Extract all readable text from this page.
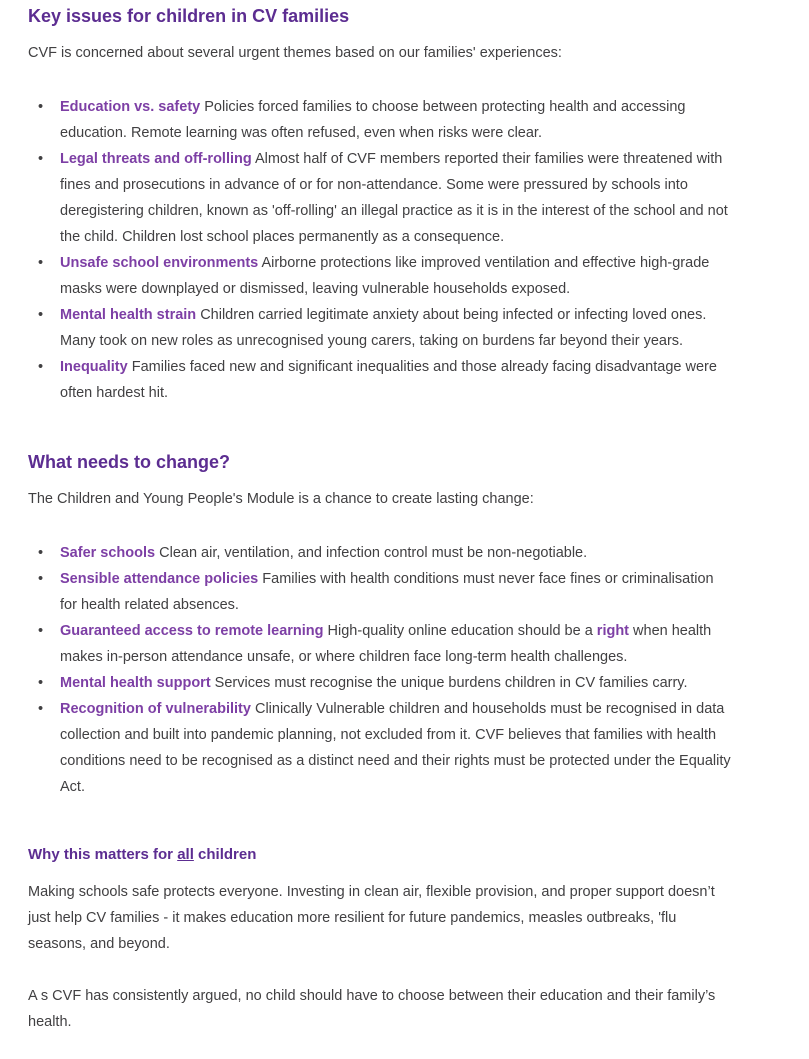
Key issues for children in CV families

CVF is concerned about several urgent themes based on our families' experiences:

• Education vs. safety Policies forced families to choose between protecting health and accessing education. Remote learning was often refused, even when risks were clear.
• Legal threats and off-rolling Almost half of CVF members reported their families were threatened with fines and prosecutions in advance of or for non-attendance. Some were pressured by schools into deregistering children, known as 'off-rolling' an illegal practice as it is in the interest of the school and not the child. Children lost school places permanently as a consequence.
• Unsafe school environments Airborne protections like improved ventilation and effective high-grade masks were downplayed or dismissed, leaving vulnerable households exposed.
• Mental health strain Children carried legitimate anxiety about being infected or infecting loved ones. Many took on new roles as unrecognised young carers, taking on burdens far beyond their years.
• Inequality Families faced new and significant inequalities and those already facing disadvantage were often hardest hit.
What needs to change?

The Children and Young People's Module is a chance to create lasting change:

• Safer schools Clean air, ventilation, and infection control must be non-negotiable.
• Sensible attendance policies Families with health conditions must never face fines or criminalisation for health related absences.
• Guaranteed access to remote learning High-quality online education should be a right when health makes in-person attendance unsafe, or where children face long-term health challenges.
• Mental health support Services must recognise the unique burdens children in CV families carry.
• Recognition of vulnerability Clinically Vulnerable children and households must be recognised in data collection and built into pandemic planning, not excluded from it. CVF believes that families with health conditions need to be recognised as a distinct need and their rights must be protected under the Equality Act.
Why this matters for all children

Making schools safe protects everyone. Investing in clean air, flexible provision, and proper support doesn’t just help CV families - it makes education more resilient for future pandemics, measles outbreaks, 'flu seasons, and beyond.

A s CVF has consistently argued, no child should have to choose between their education and their family’s health.
